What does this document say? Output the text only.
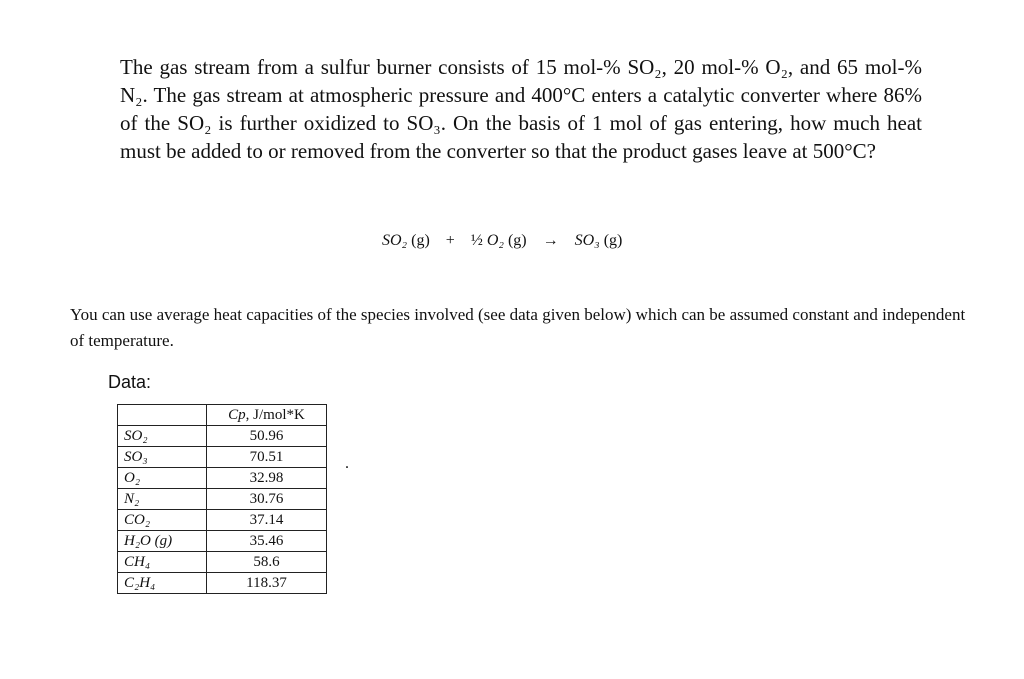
The gas stream from a sulfur burner consists of 15 mol-% SO₂, 20 mol-% O₂, and 65 mol-% N₂. The gas stream at atmospheric pressure and 400°C enters a catalytic converter where 86% of the SO₂ is further oxidized to SO₃. On the basis of 1 mol of gas entering, how much heat must be added to or removed from the converter so that the product gases leave at 500°C?

SO₂ (g) + ½ O₂ (g) → SO₃ (g)

You can use average heat capacities of the species involved (see data given below) which can be assumed constant and independent of temperature.

Data:
	Cp, J/mol*K
SO₂	50.96
SO₃	70.51
O₂	32.98
N₂	30.76
CO₂	37.14
H₂O (g)	35.46
CH₄	58.6
C₂H₄	118.37
.
